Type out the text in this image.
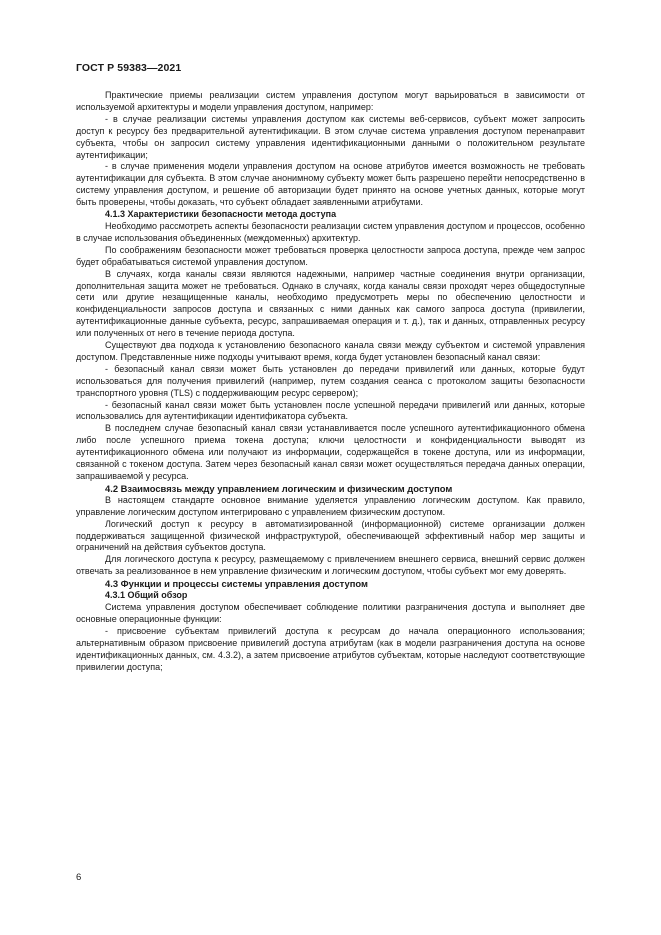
ГОСТ Р 59383—2021

Практические приемы реализации систем управления доступом могут варьироваться в зависимости от используемой архитектуры и модели управления доступом, например:

- в случае реализации системы управления доступом как системы веб-сервисов, субъект может запросить доступ к ресурсу без предварительной аутентификации. В этом случае система управления доступом перенаправит субъекта, чтобы он запросил систему управления идентификационными данными о положительном результате аутентификации;

- в случае применения модели управления доступом на основе атрибутов имеется возможность не требовать аутентификации для субъекта. В этом случае анонимному субъекту может быть разрешено перейти непосредственно в систему управления доступом, и решение об авторизации будет принято на основе учетных данных, которые могут быть проверены, чтобы доказать, что субъект обладает заявленными атрибутами.

4.1.3 Характеристики безопасности метода доступа

Необходимо рассмотреть аспекты безопасности реализации систем управления доступом и процессов, особенно в случае использования объединенных (междоменных) архитектур.

По соображениям безопасности может требоваться проверка целостности запроса доступа, прежде чем запрос будет обрабатываться системой управления доступом.

В случаях, когда каналы связи являются надежными, например частные соединения внутри организации, дополнительная защита может не требоваться. Однако в случаях, когда каналы связи проходят через общедоступные сети или другие незащищенные каналы, необходимо предусмотреть меры по обеспечению целостности и конфиденциальности запросов доступа и связанных с ними данных как самого запроса доступа (привилегии, аутентификационные данные субъекта, ресурс, запрашиваемая операция и т. д.), так и данных, отправленных ресурсу или полученных от него в течение периода доступа.

Существуют два подхода к установлению безопасного канала связи между субъектом и системой управления доступом. Представленные ниже подходы учитывают время, когда будет установлен безопасный канал связи:

- безопасный канал связи может быть установлен до передачи привилегий или данных, которые будут использоваться для получения привилегий (например, путем создания сеанса с протоколом защиты безопасности транспортного уровня (TLS) с поддерживающим ресурс сервером);

- безопасный канал связи может быть установлен после успешной передачи привилегий или данных, которые использовались для аутентификации идентификатора субъекта.

В последнем случае безопасный канал связи устанавливается после успешного аутентификационного обмена либо после успешного приема токена доступа; ключи целостности и конфиденциальности выводят из аутентификационного обмена или получают из информации, содержащейся в токене доступа, или из информации, связанной с токеном доступа. Затем через безопасный канал связи может осуществляться передача данных операции, запрашиваемой у ресурса.

4.2 Взаимосвязь между управлением логическим и физическим доступом

В настоящем стандарте основное внимание уделяется управлению логическим доступом. Как правило, управление логическим доступом интегрировано с управлением физическим доступом.

Логический доступ к ресурсу в автоматизированной (информационной) системе организации должен поддерживаться защищенной физической инфраструктурой, обеспечивающей эффективный набор мер защиты и ограничений на действия субъектов доступа.

Для логического доступа к ресурсу, размещаемому с привлечением внешнего сервиса, внешний сервис должен отвечать за реализованное в нем управление физическим и логическим доступом, чтобы субъект мог ему доверять.

4.3 Функции и процессы системы управления доступом

4.3.1 Общий обзор

Система управления доступом обеспечивает соблюдение политики разграничения доступа и выполняет две основные операционные функции:

- присвоение субъектам привилегий доступа к ресурсам до начала операционного использования; альтернативным образом присвоение привилегий доступа атрибутам (как в модели разграничения доступа на основе идентификационных данных, см. 4.3.2), а затем присвоение атрибутов субъектам, которые наследуют соответствующие привилегии доступа;

6
